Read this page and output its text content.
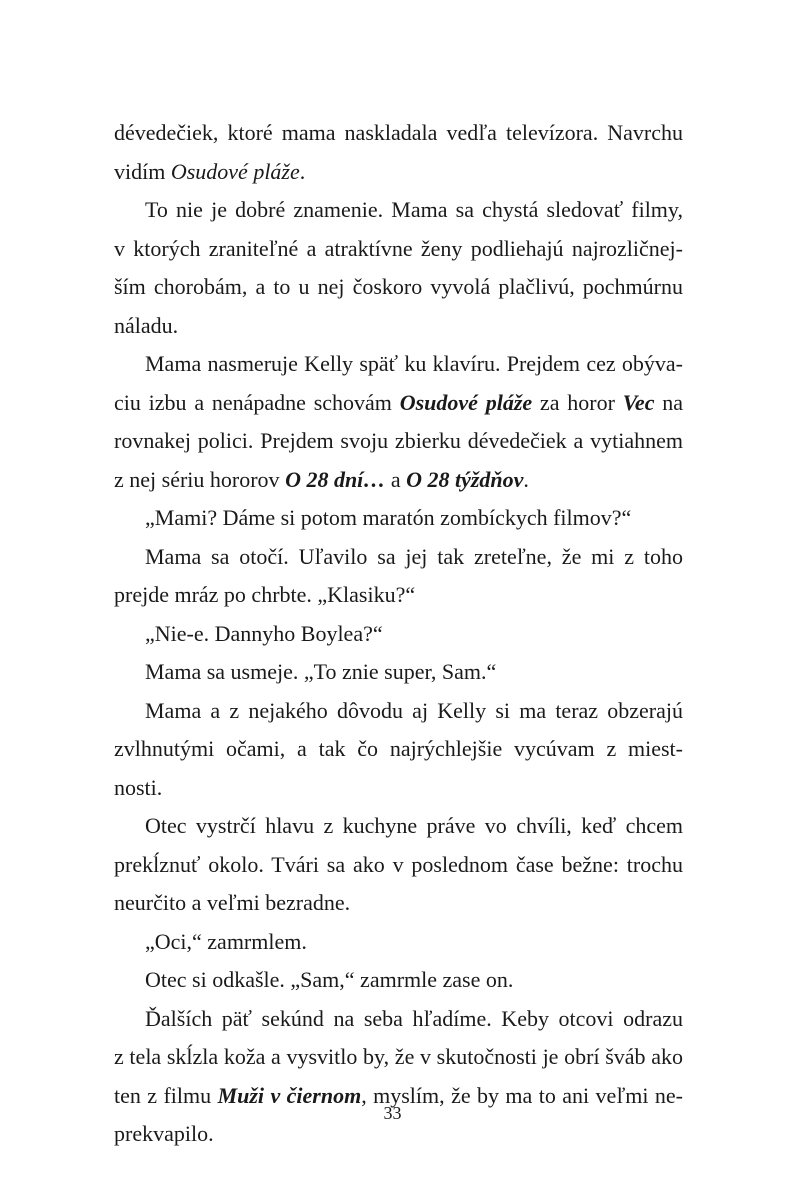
dévedečiek, ktoré mama naskladala vedľa televízora. Navrchu
vidím Osudové pláže.
To nie je dobré znamenie. Mama sa chystá sledovať filmy,
v ktorých zraniteľné a atraktívne ženy podliehajú najrozličnej-
ším chorobám, a to u nej čoskoro vyvolá plačlivú, pochmúrnu
náladu.
Mama nasmeruje Kelly späť ku klavíru. Prejdem cez obýva-
ciu izbu a nenápadne schovám Osudové pláže za horor Vec na
rovnakej polici. Prejdem svoju zbierku dévedečiek a vytiahnem
z nej sériu hororov O 28 dní… a O 28 týždňov.
„Mami? Dáme si potom maratón zombíckych filmov?“
Mama sa otočí. Uľavilo sa jej tak zreteľne, že mi z toho
prejde mráz po chrbte. „Klasiku?“
„Nie-e. Dannyho Boylea?“
Mama sa usmeje. „To znie super, Sam.“
Mama a z nejakého dôvodu aj Kelly si ma teraz obzerajú
zvlhnutými očami, a tak čo najrýchlejšie vycúvam z miest-
nosti.
Otec vystrčí hlavu z kuchyne práve vo chvíli, keď chcem
prekĺznuť okolo. Tvári sa ako v poslednom čase bežne: trochu
neurčito a veľmi bezradne.
„Oci,“ zamrmlem.
Otec si odkašle. „Sam,“ zamrmle zase on.
Ďalších päť sekúnd na seba hľadíme. Keby otcovi odrazu
z tela skĺzla koža a vysvitlo by, že v skutočnosti je obrí šváb ako
ten z filmu Muži v čiernom, myslím, že by ma to ani veľmi ne-
prekvapilo.
33
